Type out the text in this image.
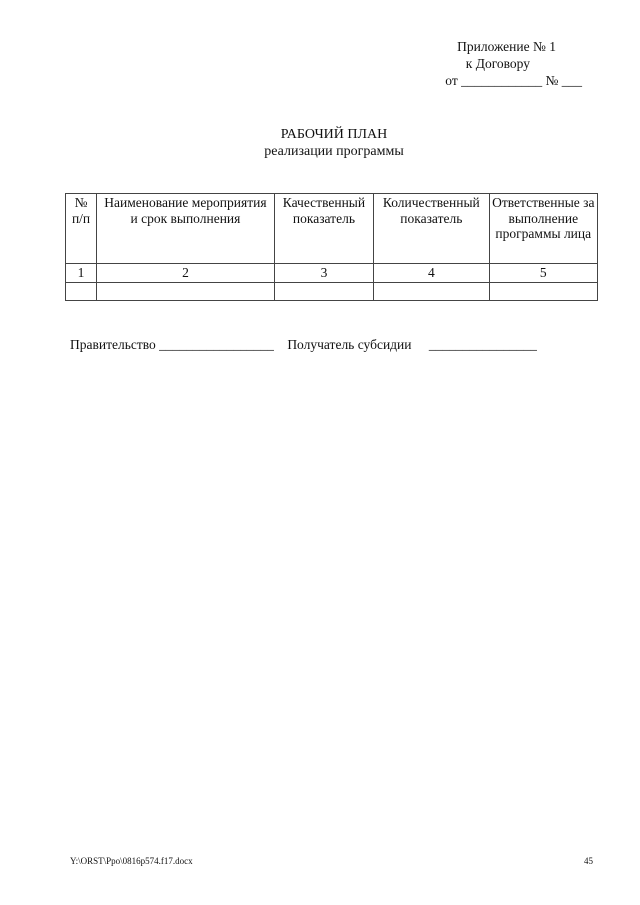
Приложение № 1
к Договору
от ____________ № ___
РАБОЧИЙ ПЛАН
реализации программы
№ п/п	Наименование мероприятия и срок выполнения	Качественный показатель	Количественный показатель	Ответственные за выполнение программы лица
1	2	3	4	5

Правительство _________________ Получатель субсидии ________________
Y:\ORST\Ppo\0816p574.f17.docx	45
